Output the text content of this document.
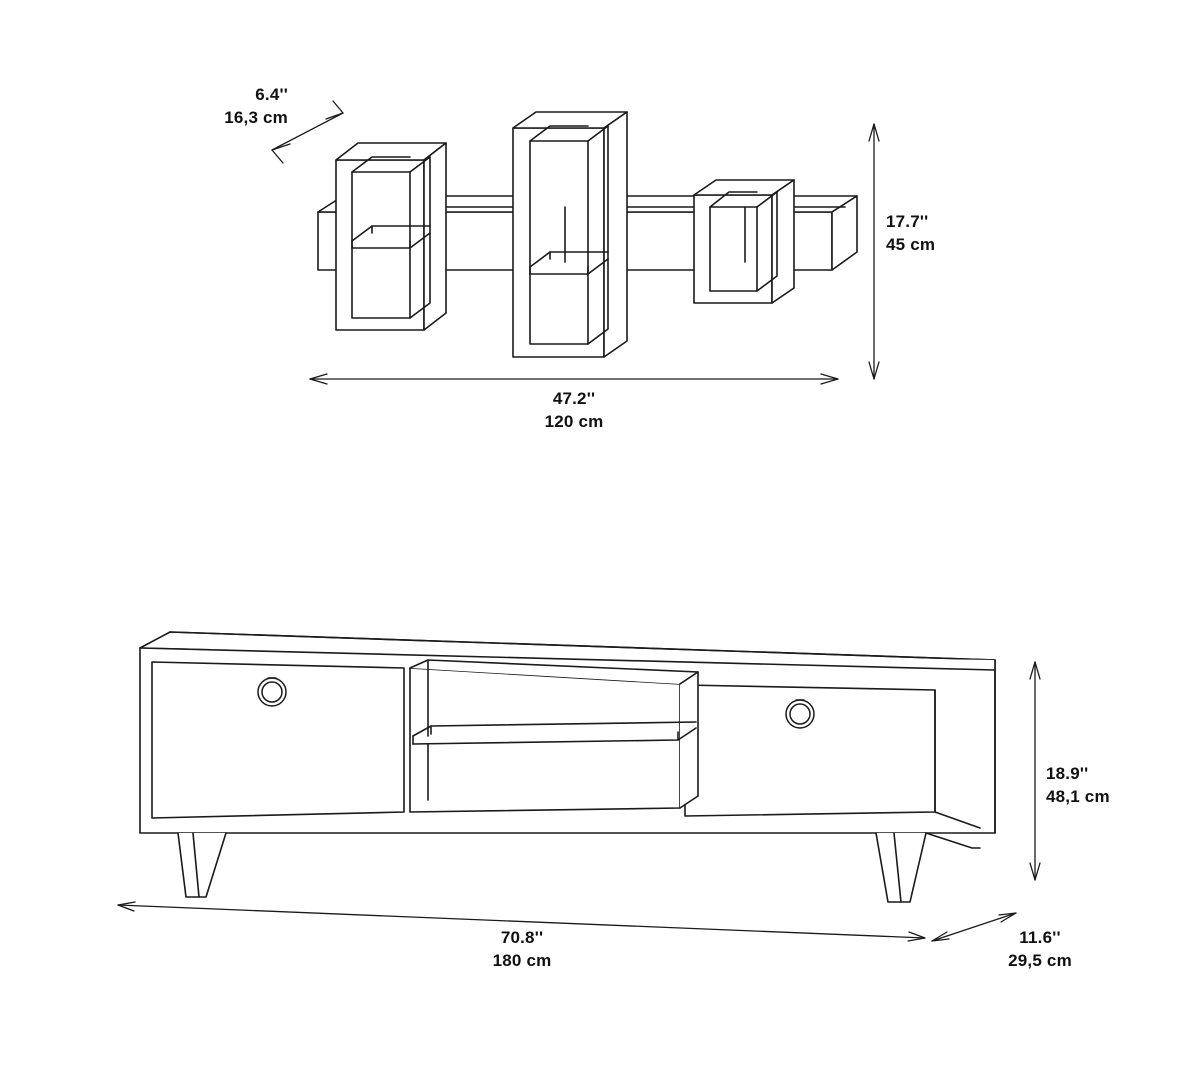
6.4''
16,3 cm
17.7''
45 cm
47.2''
120 cm
18.9''
48,1 cm
70.8''
180 cm
11.6''
29,5 cm
